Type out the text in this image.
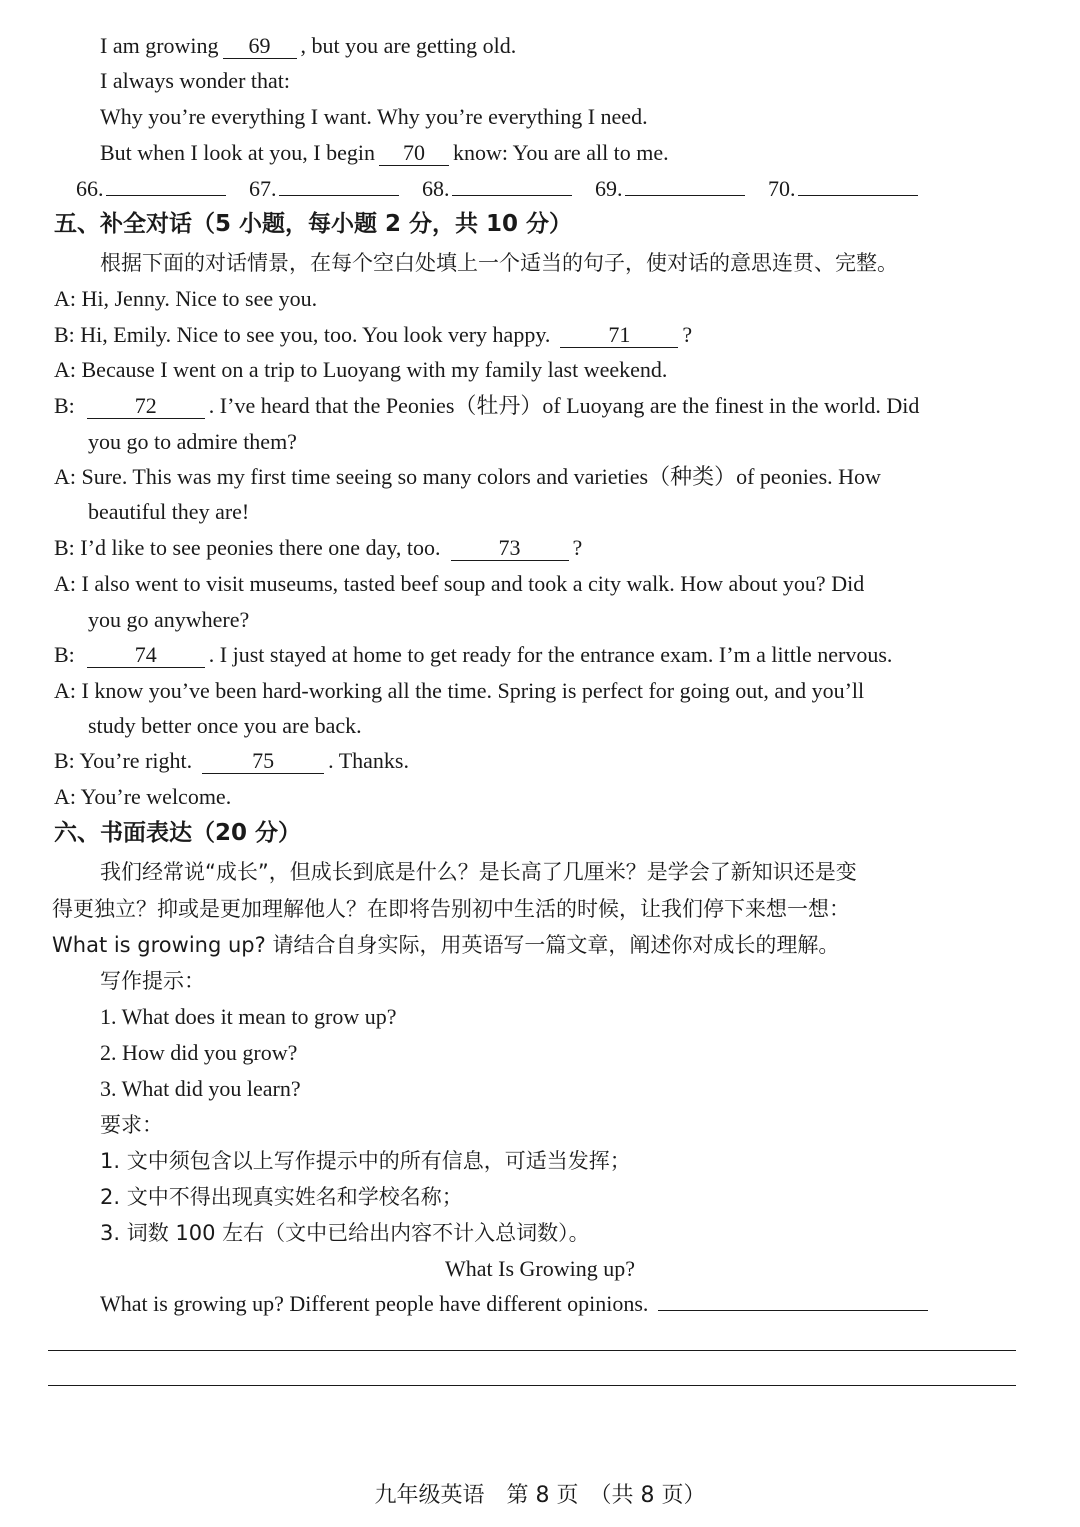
I am growing 69 , but you are getting old.
I always wonder that:
Why you’re everything I want. Why you’re everything I need.
But when I look at you, I begin 70 know: You are all to me.
66.	67.	68.	69.	70.
五、补全对话（5 小题，每小题 2 分，共 10 分）
根据下面的对话情景，在每个空白处填上一个适当的句子，使对话的意思连贯、完整。
A: Hi, Jenny. Nice to see you.
B: Hi, Emily. Nice to see you, too. You look very happy.	71 ?
A: Because I went on a trip to Luoyang with my family last weekend.
B:	72 . I’ve heard that the Peonies（牡丹）of Luoyang are the finest in the world. Did
you go to admire them?
A: Sure. This was my first time seeing so many colors and varieties（种类）of peonies. How
beautiful they are!
B: I’d like to see peonies there one day, too.	73 ?
A: I also went to visit museums, tasted beef soup and took a city walk. How about you? Did
you go anywhere?
B:	74 . I just stayed at home to get ready for the entrance exam. I’m a little nervous.
A: I know you’ve been hard-working all the time. Spring is perfect for going out, and you’ll
study better once you are back.
B: You’re right.	75 . Thanks.
A: You’re welcome.
六、书面表达（20 分）
我们经常说“成长”，但成长到底是什么？是长高了几厘米？是学会了新知识还是变
得更独立？抑或是更加理解他人？在即将告别初中生活的时候，让我们停下来想一想：
What is growing up? 请结合自身实际，用英语写一篇文章，阐述你对成长的理解。
写作提示：
1. What does it mean to grow up?
2. How did you grow?
3. What did you learn?
要求：
1. 文中须包含以上写作提示中的所有信息，可适当发挥；
2. 文中不得出现真实姓名和学校名称；
3. 词数 100 左右（文中已给出内容不计入总词数）。
What Is Growing up?
What is growing up? Different people have different opinions.
九年级英语　第 8 页　（共 8 页）
